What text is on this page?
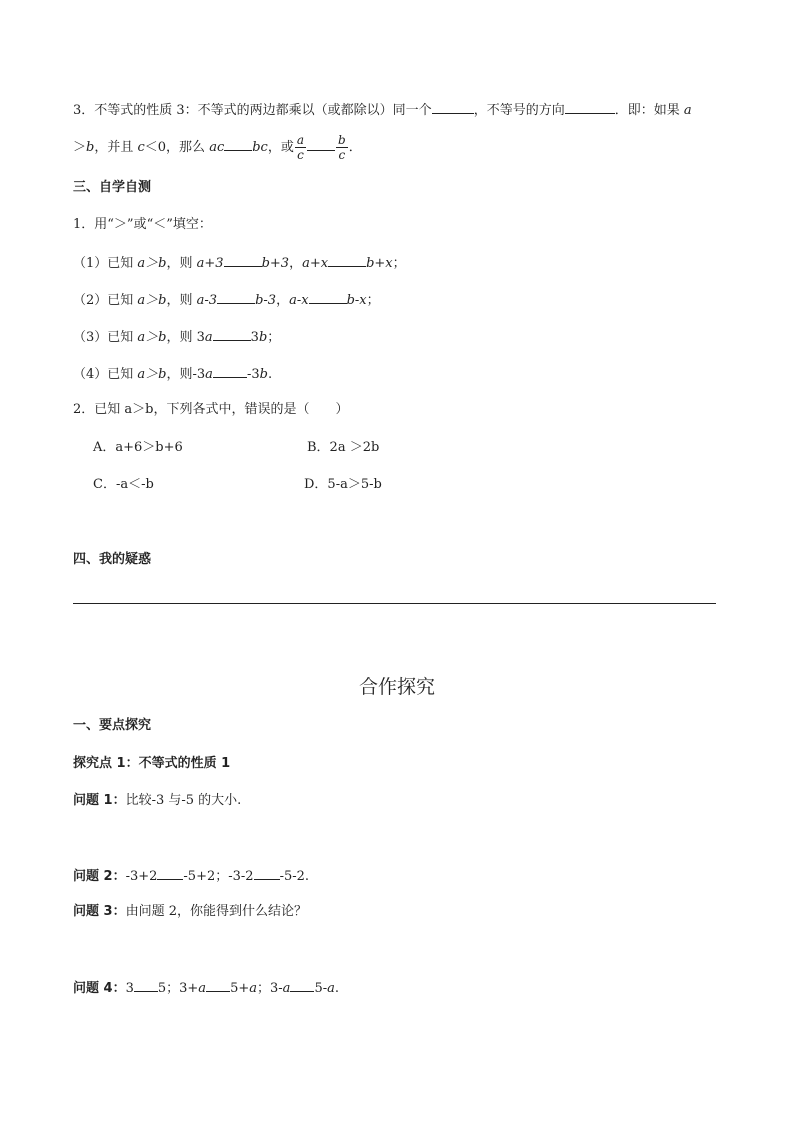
3．不等式的性质 3：不等式的两边都乘以（或都除以）同一个	，不等号的方向	．即：如果 a
＞b，并且 c＜0，那么 ac bc，或 $\frac{a}{c}$	$\frac{b}{c}$ ．
三、自学自测
1．用“＞”或“＜”填空：
（1）已知 a＞b，则 a+3	b+3，a+x	b+x；
（2）已知 a＞b，则 a-3	b-3，a-x	b-x；
（3）已知 a＞b，则 3a	3b；
（4）已知 a＞b，则-3a	-3b.
2．已知 a＞b，下列各式中，错误的是（　　）
A．a+6＞b+6	B．2a ＞2b
C．-a＜-b	D．5-a＞5-b
四、我的疑惑
合作探究
一、要点探究
探究点 1：不等式的性质 1
问题 1：比较-3 与-5 的大小.
问题 2：-3+2 -5+2；-3-2 -5-2.
问题 3：由问题 2，你能得到什么结论？
问题 4：3 5；3+a 5+a；3-a 5-a.
